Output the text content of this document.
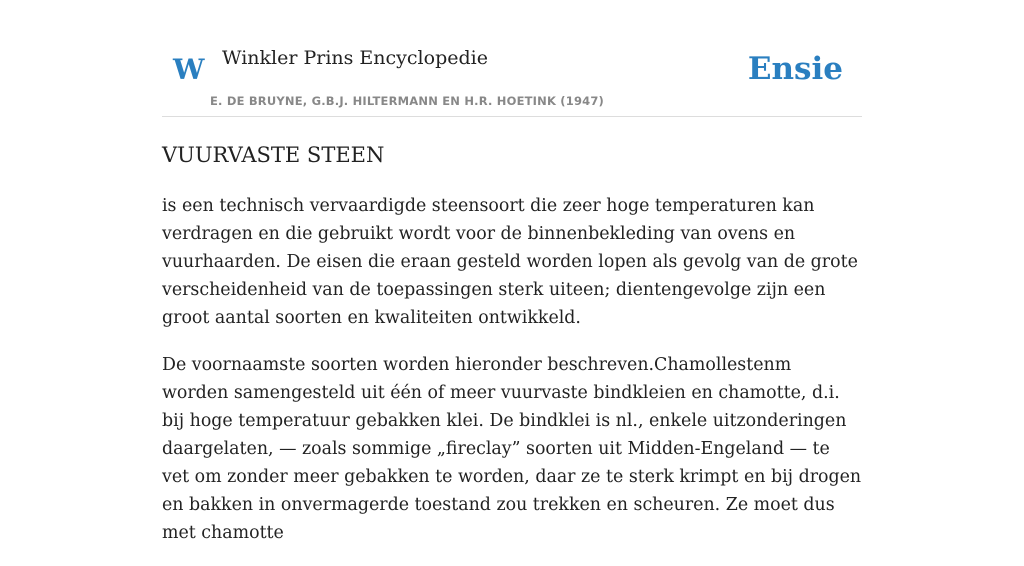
W Winkler Prins Encyclopedie
E. DE BRUYNE, G.B.J. HILTERMANN EN H.R. HOETINK (1947)
Ensie
VUURVASTE STEEN

is een technisch vervaardigde steensoort die zeer hoge temperaturen kan verdragen en die gebruikt wordt voor de binnenbekleding van ovens en vuurhaarden. De eisen die eraan gesteld worden lopen als gevolg van de grote verscheidenheid van de toepassingen sterk uiteen; dientengevolge zijn een groot aantal soorten en kwaliteiten ontwikkeld.

De voornaamste soorten worden hieronder beschreven.Chamollestenm worden samengesteld uit één of meer vuurvaste bindkleien en chamotte, d.i. bij hoge temperatuur gebakken klei. De bindklei is nl., enkele uitzonderingen daargelaten, — zoals sommige „fireclay” soorten uit Midden-Engeland — te vet om zonder meer gebakken te worden, daar ze te sterk krimpt en bij drogen en bakken in onvermagerde toestand zou trekken en scheuren. Ze moet dus met chamotte
